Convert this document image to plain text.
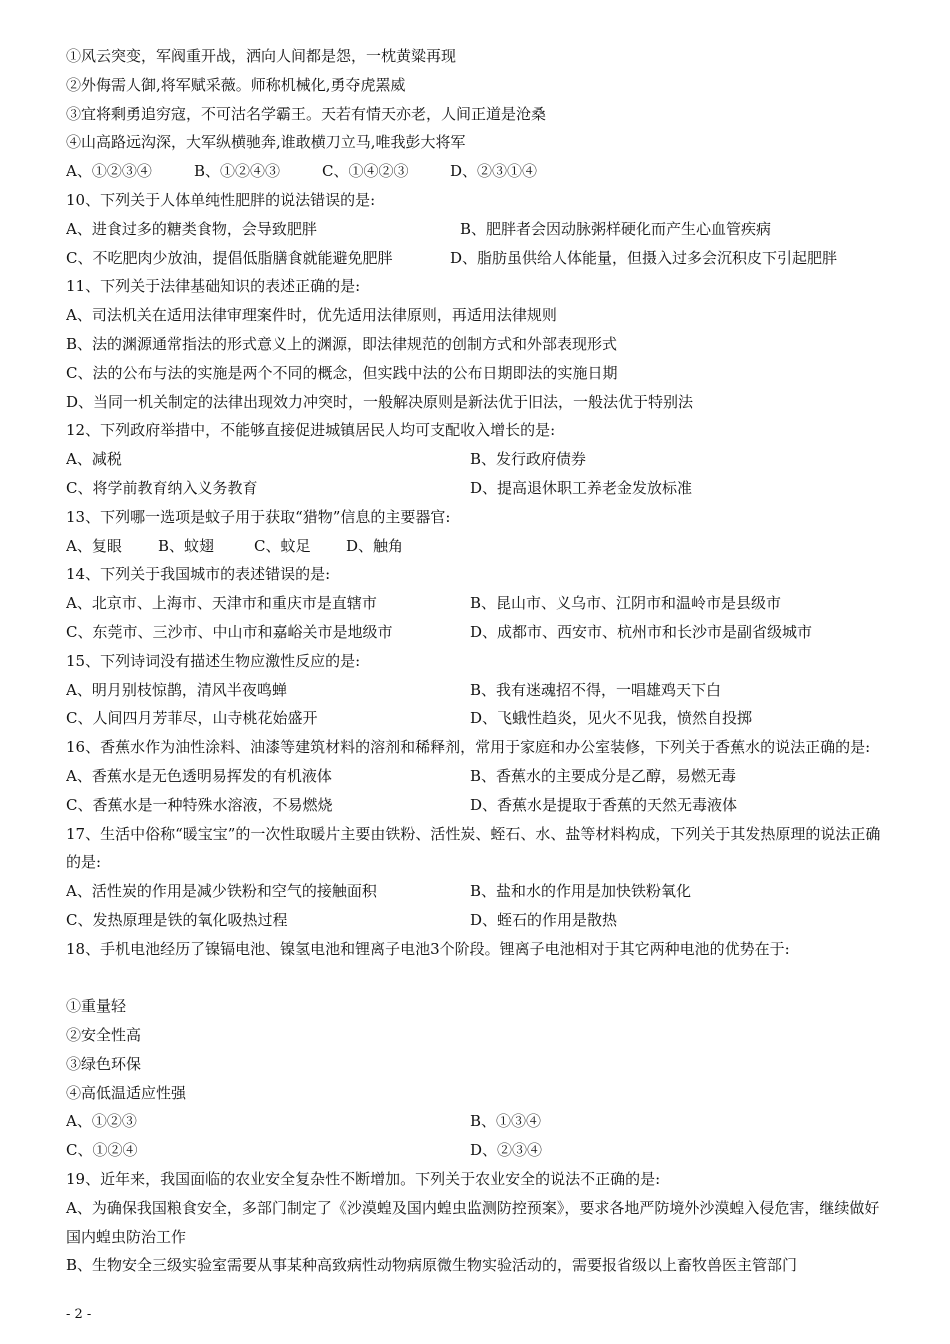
①风云突变，军阀重开战，洒向人间都是怨，一枕黄粱再现
②外侮需人御,将军赋采薇。师称机械化,勇夺虎罴威
③宜将剩勇追穷寇，不可沽名学霸王。天若有情天亦老，人间正道是沧桑
④山高路远沟深，大军纵横驰奔,谁敢横刀立马,唯我彭大将军
A、①②③④	B、①②④③	C、①④②③	D、②③①④
10、下列关于人体单纯性肥胖的说法错误的是:
A、进食过多的糖类食物，会导致肥胖	B、肥胖者会因动脉粥样硬化而产生心血管疾病
C、不吃肥肉少放油，提倡低脂膳食就能避免肥胖	D、脂肪虽供给人体能量，但摄入过多会沉积皮下引起肥胖
11、下列关于法律基础知识的表述正确的是:
A、司法机关在适用法律审理案件时，优先适用法律原则，再适用法律规则
B、法的渊源通常指法的形式意义上的渊源，即法律规范的创制方式和外部表现形式
C、法的公布与法的实施是两个不同的概念，但实践中法的公布日期即法的实施日期
D、当同一机关制定的法律出现效力冲突时，一般解决原则是新法优于旧法，一般法优于特别法
12、下列政府举措中，不能够直接促进城镇居民人均可支配收入增长的是:
A、减税	B、发行政府债券
C、将学前教育纳入义务教育	D、提高退休职工养老金发放标准
13、下列哪一选项是蚊子用于获取“猎物”信息的主要器官:
A、复眼	B、蚊翅	C、蚊足	D、触角
14、下列关于我国城市的表述错误的是:
A、北京市、上海市、天津市和重庆市是直辖市	B、昆山市、义乌市、江阴市和温岭市是县级市
C、东莞市、三沙市、中山市和嘉峪关市是地级市	D、成都市、西安市、杭州市和长沙市是副省级城市
15、下列诗词没有描述生物应激性反应的是:
A、明月别枝惊鹊，清风半夜鸣蝉	B、我有迷魂招不得，一唱雄鸡天下白
C、人间四月芳菲尽，山寺桃花始盛开	D、飞蛾性趋炎，见火不见我，愤然自投掷
16、香蕉水作为油性涂料、油漆等建筑材料的溶剂和稀释剂，常用于家庭和办公室装修，下列关于香蕉水的说法正确的是:
A、香蕉水是无色透明易挥发的有机液体	B、香蕉水的主要成分是乙醇，易燃无毒
C、香蕉水是一种特殊水溶液，不易燃烧	D、香蕉水是提取于香蕉的天然无毒液体
17、生活中俗称“暖宝宝”的一次性取暖片主要由铁粉、活性炭、蛭石、水、盐等材料构成，下列关于其发热原理的说法正确的是:
A、活性炭的作用是减少铁粉和空气的接触面积	B、盐和水的作用是加快铁粉氧化
C、发热原理是铁的氧化吸热过程	D、蛭石的作用是散热
18、手机电池经历了镍镉电池、镍氢电池和锂离子电池3个阶段。锂离子电池相对于其它两种电池的优势在于:
①重量轻
②安全性高
③绿色环保
④高低温适应性强
A、①②③	B、①③④
C、①②④	D、②③④
19、近年来，我国面临的农业安全复杂性不断增加。下列关于农业安全的说法不正确的是:
A、为确保我国粮食安全，多部门制定了《沙漠蝗及国内蝗虫监测防控预案》，要求各地严防境外沙漠蝗入侵危害，继续做好国内蝗虫防治工作
B、生物安全三级实验室需要从事某种高致病性动物病原微生物实验活动的，需要报省级以上畜牧兽医主管部门
- 2 -
